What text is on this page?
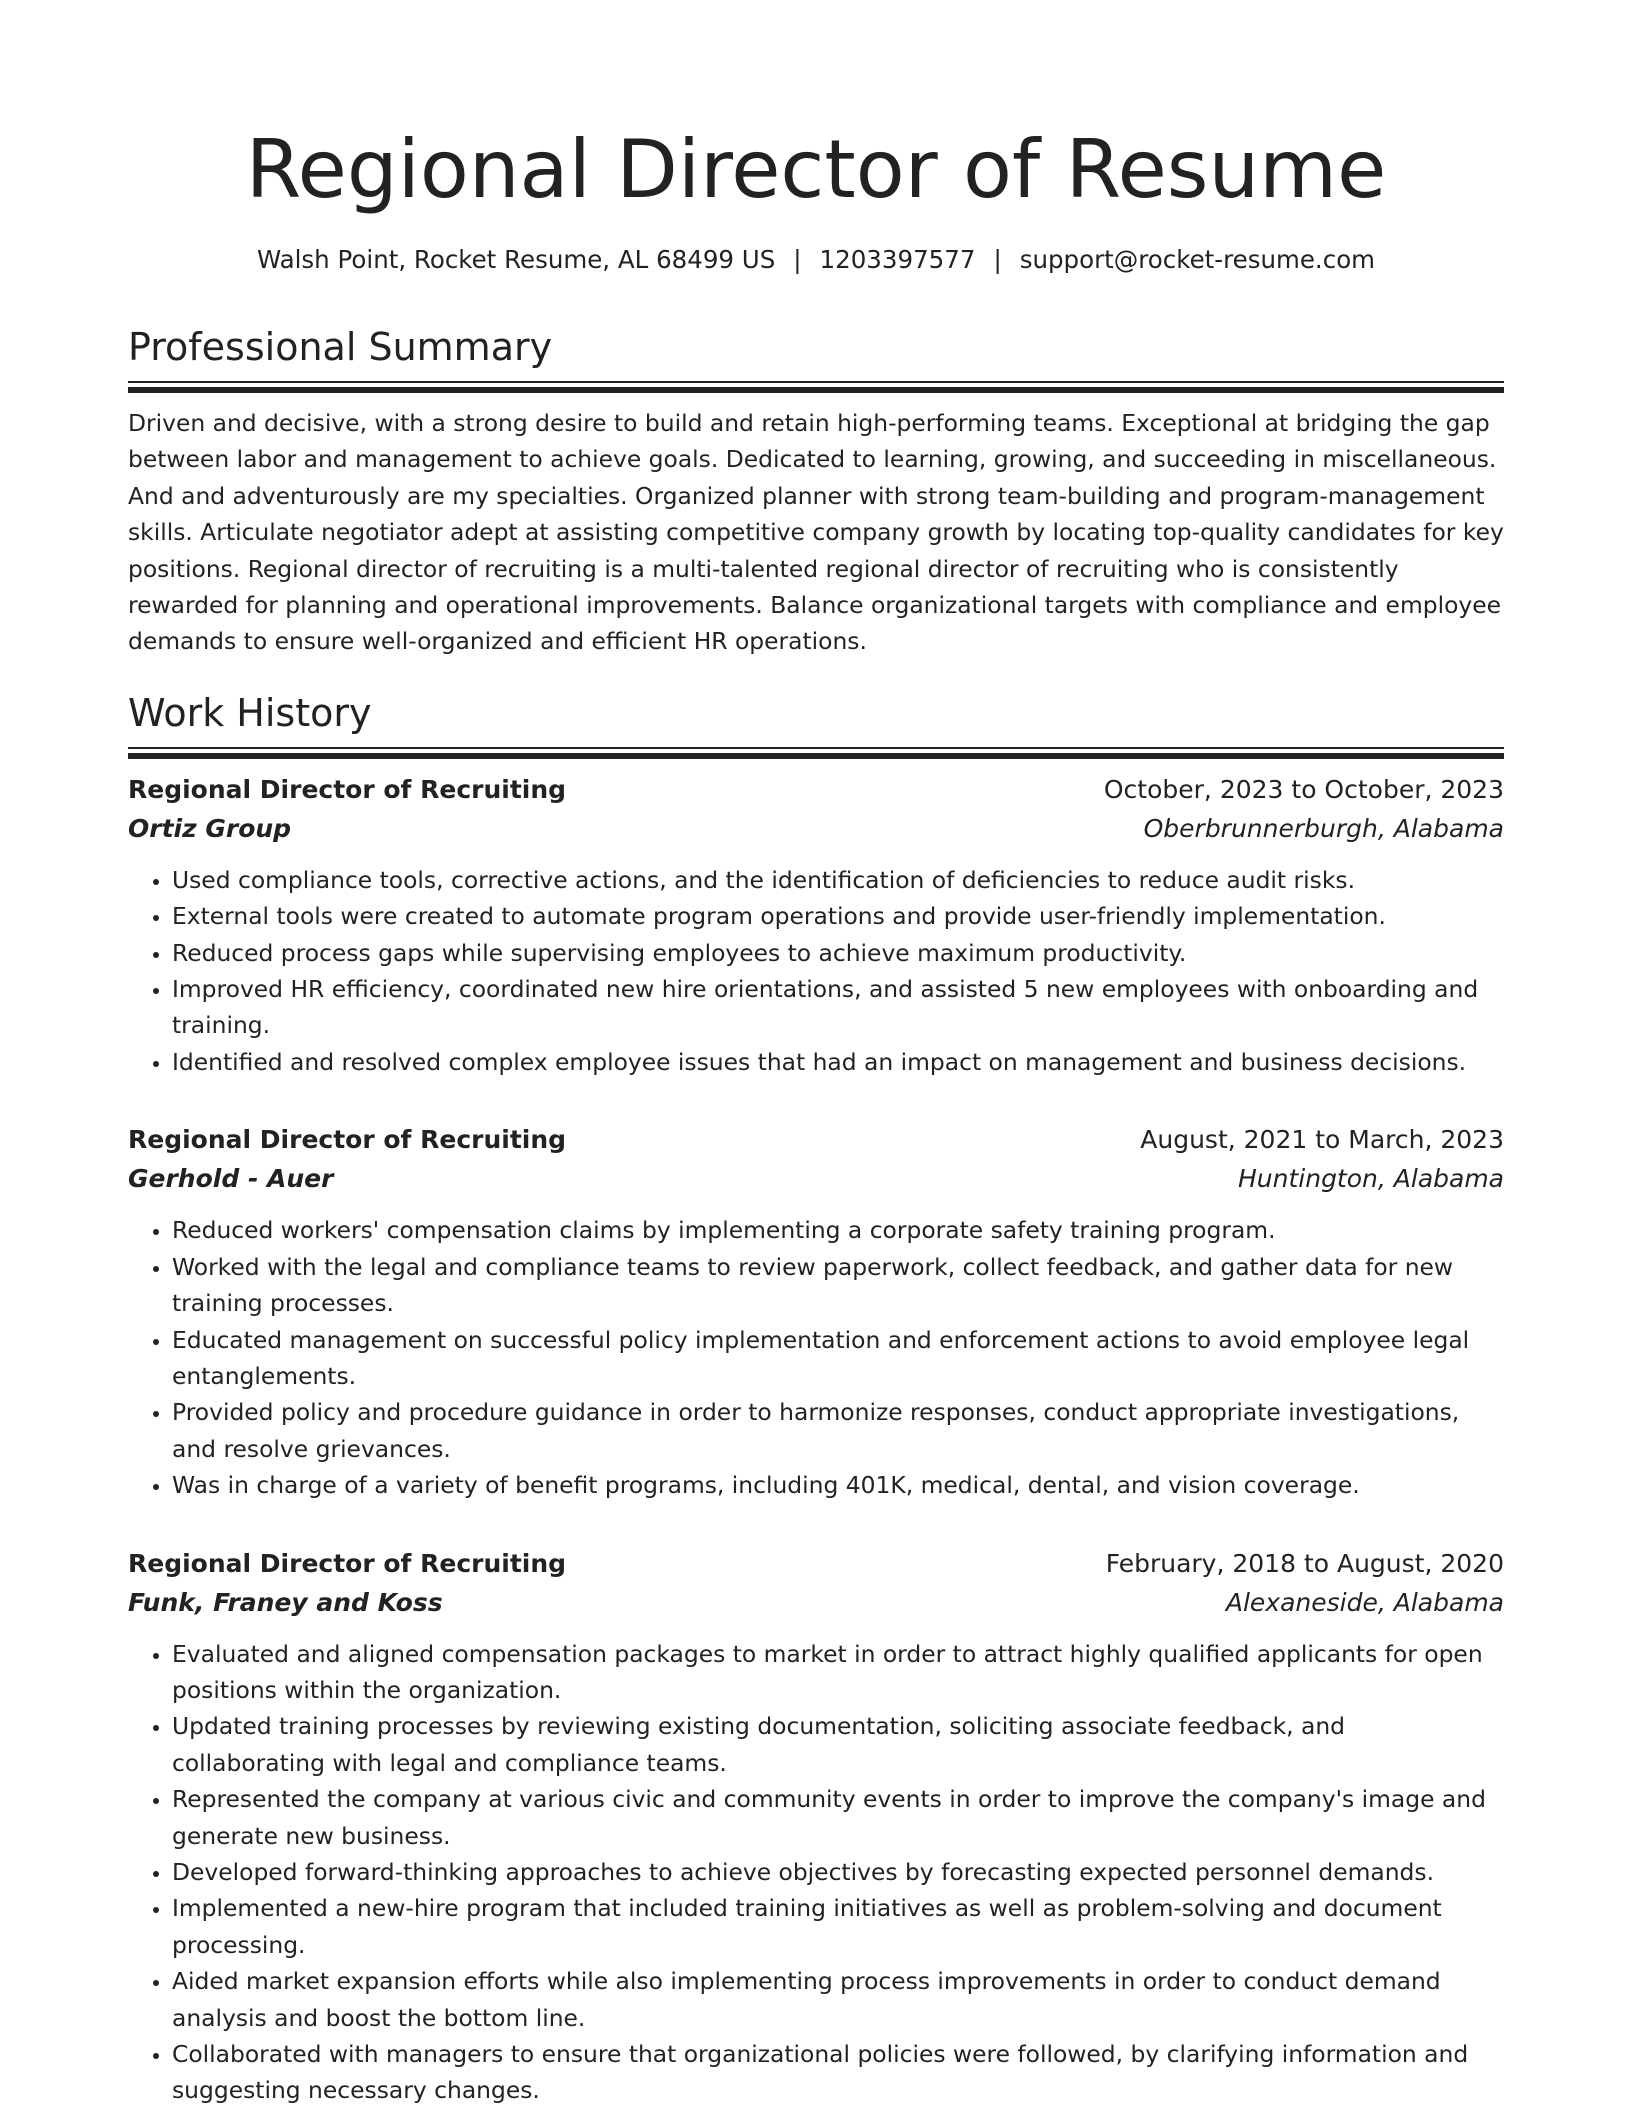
Regional Director of Resume
Walsh Point, Rocket Resume, AL 68499 US | 1203397577 | support@rocket-resume.com
Professional Summary
Driven and decisive, with a strong desire to build and retain high-performing teams. Exceptional at bridging the gap between labor and management to achieve goals. Dedicated to learning, growing, and succeeding in miscellaneous. And and adventurously are my specialties. Organized planner with strong team-building and program-management skills. Articulate negotiator adept at assisting competitive company growth by locating top-quality candidates for key positions. Regional director of recruiting is a multi-talented regional director of recruiting who is consistently rewarded for planning and operational improvements. Balance organizational targets with compliance and employee demands to ensure well-organized and efficient HR operations.
Work History
Regional Director of Recruiting	October, 2023 to October, 2023
Ortiz Group	Oberbrunnerburgh, Alabama
• Used compliance tools, corrective actions, and the identification of deficiencies to reduce audit risks.
• External tools were created to automate program operations and provide user-friendly implementation.
• Reduced process gaps while supervising employees to achieve maximum productivity.
• Improved HR efficiency, coordinated new hire orientations, and assisted 5 new employees with onboarding and training.
• Identified and resolved complex employee issues that had an impact on management and business decisions.
Regional Director of Recruiting	August, 2021 to March, 2023
Gerhold - Auer	Huntington, Alabama
• Reduced workers' compensation claims by implementing a corporate safety training program.
• Worked with the legal and compliance teams to review paperwork, collect feedback, and gather data for new training processes.
• Educated management on successful policy implementation and enforcement actions to avoid employee legal entanglements.
• Provided policy and procedure guidance in order to harmonize responses, conduct appropriate investigations, and resolve grievances.
• Was in charge of a variety of benefit programs, including 401K, medical, dental, and vision coverage.
Regional Director of Recruiting	February, 2018 to August, 2020
Funk, Franey and Koss	Alexaneside, Alabama
• Evaluated and aligned compensation packages to market in order to attract highly qualified applicants for open positions within the organization.
• Updated training processes by reviewing existing documentation, soliciting associate feedback, and collaborating with legal and compliance teams.
• Represented the company at various civic and community events in order to improve the company's image and generate new business.
• Developed forward-thinking approaches to achieve objectives by forecasting expected personnel demands.
• Implemented a new-hire program that included training initiatives as well as problem-solving and document processing.
• Aided market expansion efforts while also implementing process improvements in order to conduct demand analysis and boost the bottom line.
• Collaborated with managers to ensure that organizational policies were followed, by clarifying information and suggesting necessary changes.
